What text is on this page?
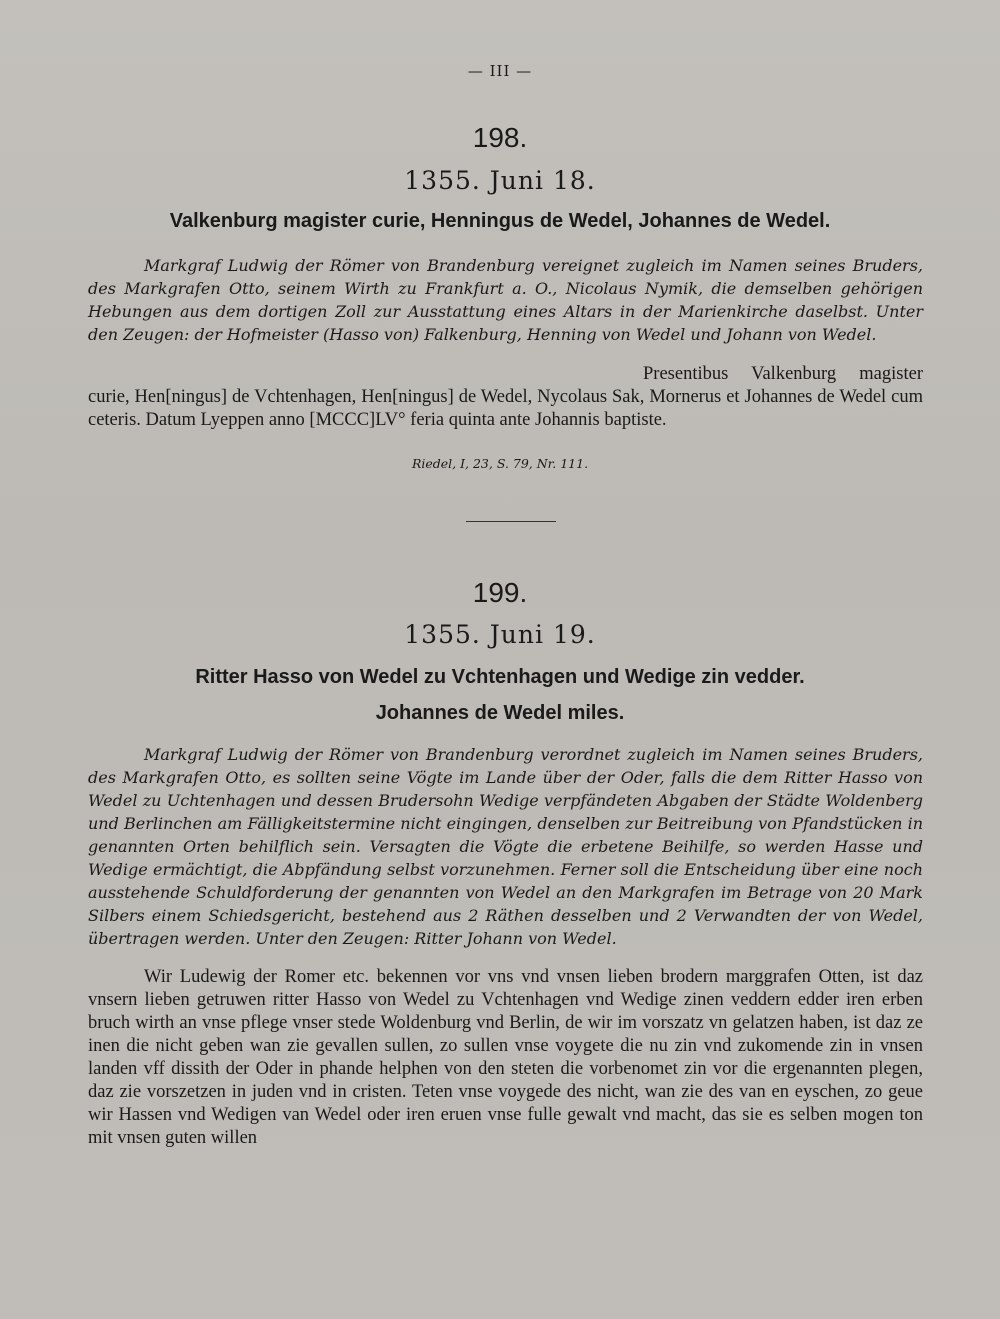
— III —
198.
1355. Juni 18.
Valkenburg magister curie, Henningus de Wedel, Johannes de Wedel.

Markgraf Ludwig der Römer von Brandenburg vereignet zugleich im Namen seines Bruders, des Markgrafen Otto, seinem Wirth zu Frankfurt a. O., Nicolaus Nymik, die demselben gehörigen Hebungen aus dem dortigen Zoll zur Ausstattung eines Altars in der Marienkirche daselbst. Unter den Zeugen: der Hofmeister (Hasso von) Falkenburg, Henning von Wedel und Johann von Wedel.

Presentibus Valkenburg magister curie, Hen[ningus] de Vchtenhagen, Hen[ningus] de Wedel, Nycolaus Sak, Mornerus et Johannes de Wedel cum ceteris. Datum Lyeppen anno [MCCC]LV° feria quinta ante Johannis baptiste.

Riedel, I, 23, S. 79, Nr. 111.
199.
1355. Juni 19.
Ritter Hasso von Wedel zu Vchtenhagen und Wedige zin vedder.
Johannes de Wedel miles.

Markgraf Ludwig der Römer von Brandenburg verordnet zugleich im Namen seines Bruders, des Markgrafen Otto, es sollten seine Vögte im Lande über der Oder, falls die dem Ritter Hasso von Wedel zu Uchtenhagen und dessen Brudersohn Wedige verpfändeten Abgaben der Städte Woldenberg und Berlinchen am Fälligkeitstermine nicht eingingen, denselben zur Beitreibung von Pfandstücken in genannten Orten behilflich sein. Versagten die Vögte die erbetene Beihilfe, so werden Hasse und Wedige ermächtigt, die Abpfändung selbst vorzunehmen. Ferner soll die Entscheidung über eine noch ausstehende Schuldforderung der genannten von Wedel an den Markgrafen im Betrage von 20 Mark Silbers einem Schiedsgericht, bestehend aus 2 Räthen desselben und 2 Verwandten der von Wedel, übertragen werden. Unter den Zeugen: Ritter Johann von Wedel.

Wir Ludewig der Romer etc. bekennen vor vns vnd vnsen lieben brodern marggrafen Otten, ist daz vnsern lieben getruwen ritter Hasso von Wedel zu Vchtenhagen vnd Wedige zinen veddern edder iren erben bruch wirth an vnse pflege vnser stede Woldenburg vnd Berlin, de wir im vorszatz vn gelatzen haben, ist daz ze inen die nicht geben wan zie gevallen sullen, zo sullen vnse voygete die nu zin vnd zukomende zin in vnsen landen vff dissith der Oder in phande helphen von den steten die vorbenomet zin vor die ergenannten plegen, daz zie vorszetzen in juden vnd in cristen. Teten vnse voygede des nicht, wan zie des van en eyschen, zo geue wir Hassen vnd Wedigen van Wedel oder iren eruen vnse fulle gewalt vnd macht, das sie es selben mogen ton mit vnsen guten willen
